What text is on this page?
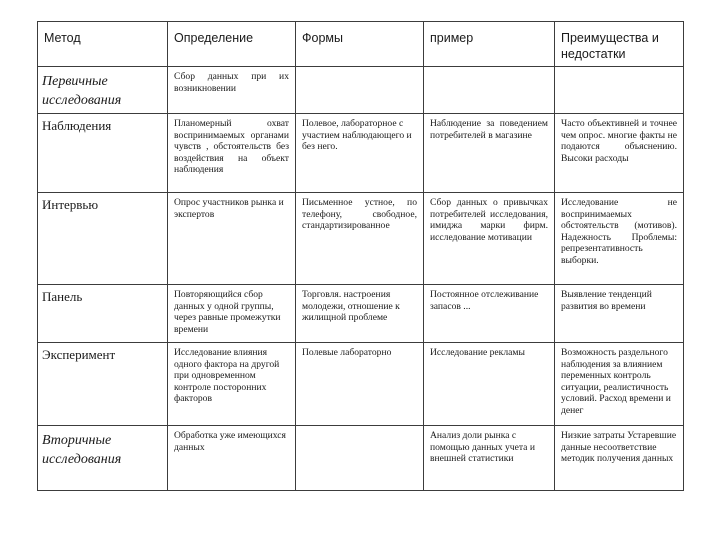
Метод	Определение	Формы	пример	Преимущества и недостатки
Первичные исследования	Сбор данных при их возникновении			
Наблюдения	Планомерный охват воспринимаемых органами чувств , обстоятельств без воздействия на объект наблюдения	Полевое, лабораторное с участием наблюдающего и без него.	Наблюдение за поведением потребителей в магазине	Часто объективней и точнее чем опрос. многие факты не подаются объяснению. Высоки расходы
Интервью	Опрос участников рынка и экспертов	Письменное устное, по телефону, свободное, стандартизированное	Сбор данных о привычках потребителей исследования, имиджа марки фирм. исследование мотивации	Исследование не воспринимаемых обстоятельств (мотивов). Надежность Проблемы: репрезентативность выборки.
Панель	Повторяющийся сбор данных у одной группы, через равные промежутки времени	Торговля. настроения молодежи, отношение к жилищной проблеме	Постоянное отслеживание запасов ...	Выявление тенденций развития во времени
Эксперимент	Исследование влияния одного фактора на другой при одновременном контроле посторонних факторов	Полевые лабораторно	Исследование рекламы	Возможность раздельного наблюдения за влиянием переменных контроль ситуации, реалистичность условий. Расход времени и денег
Вторичные исследования	Обработка уже имеющихся данных		Анализ доли рынка с помощью данных учета и внешней статистики	Низкие затраты Устаревшие данные несоответствие методик получения данных
